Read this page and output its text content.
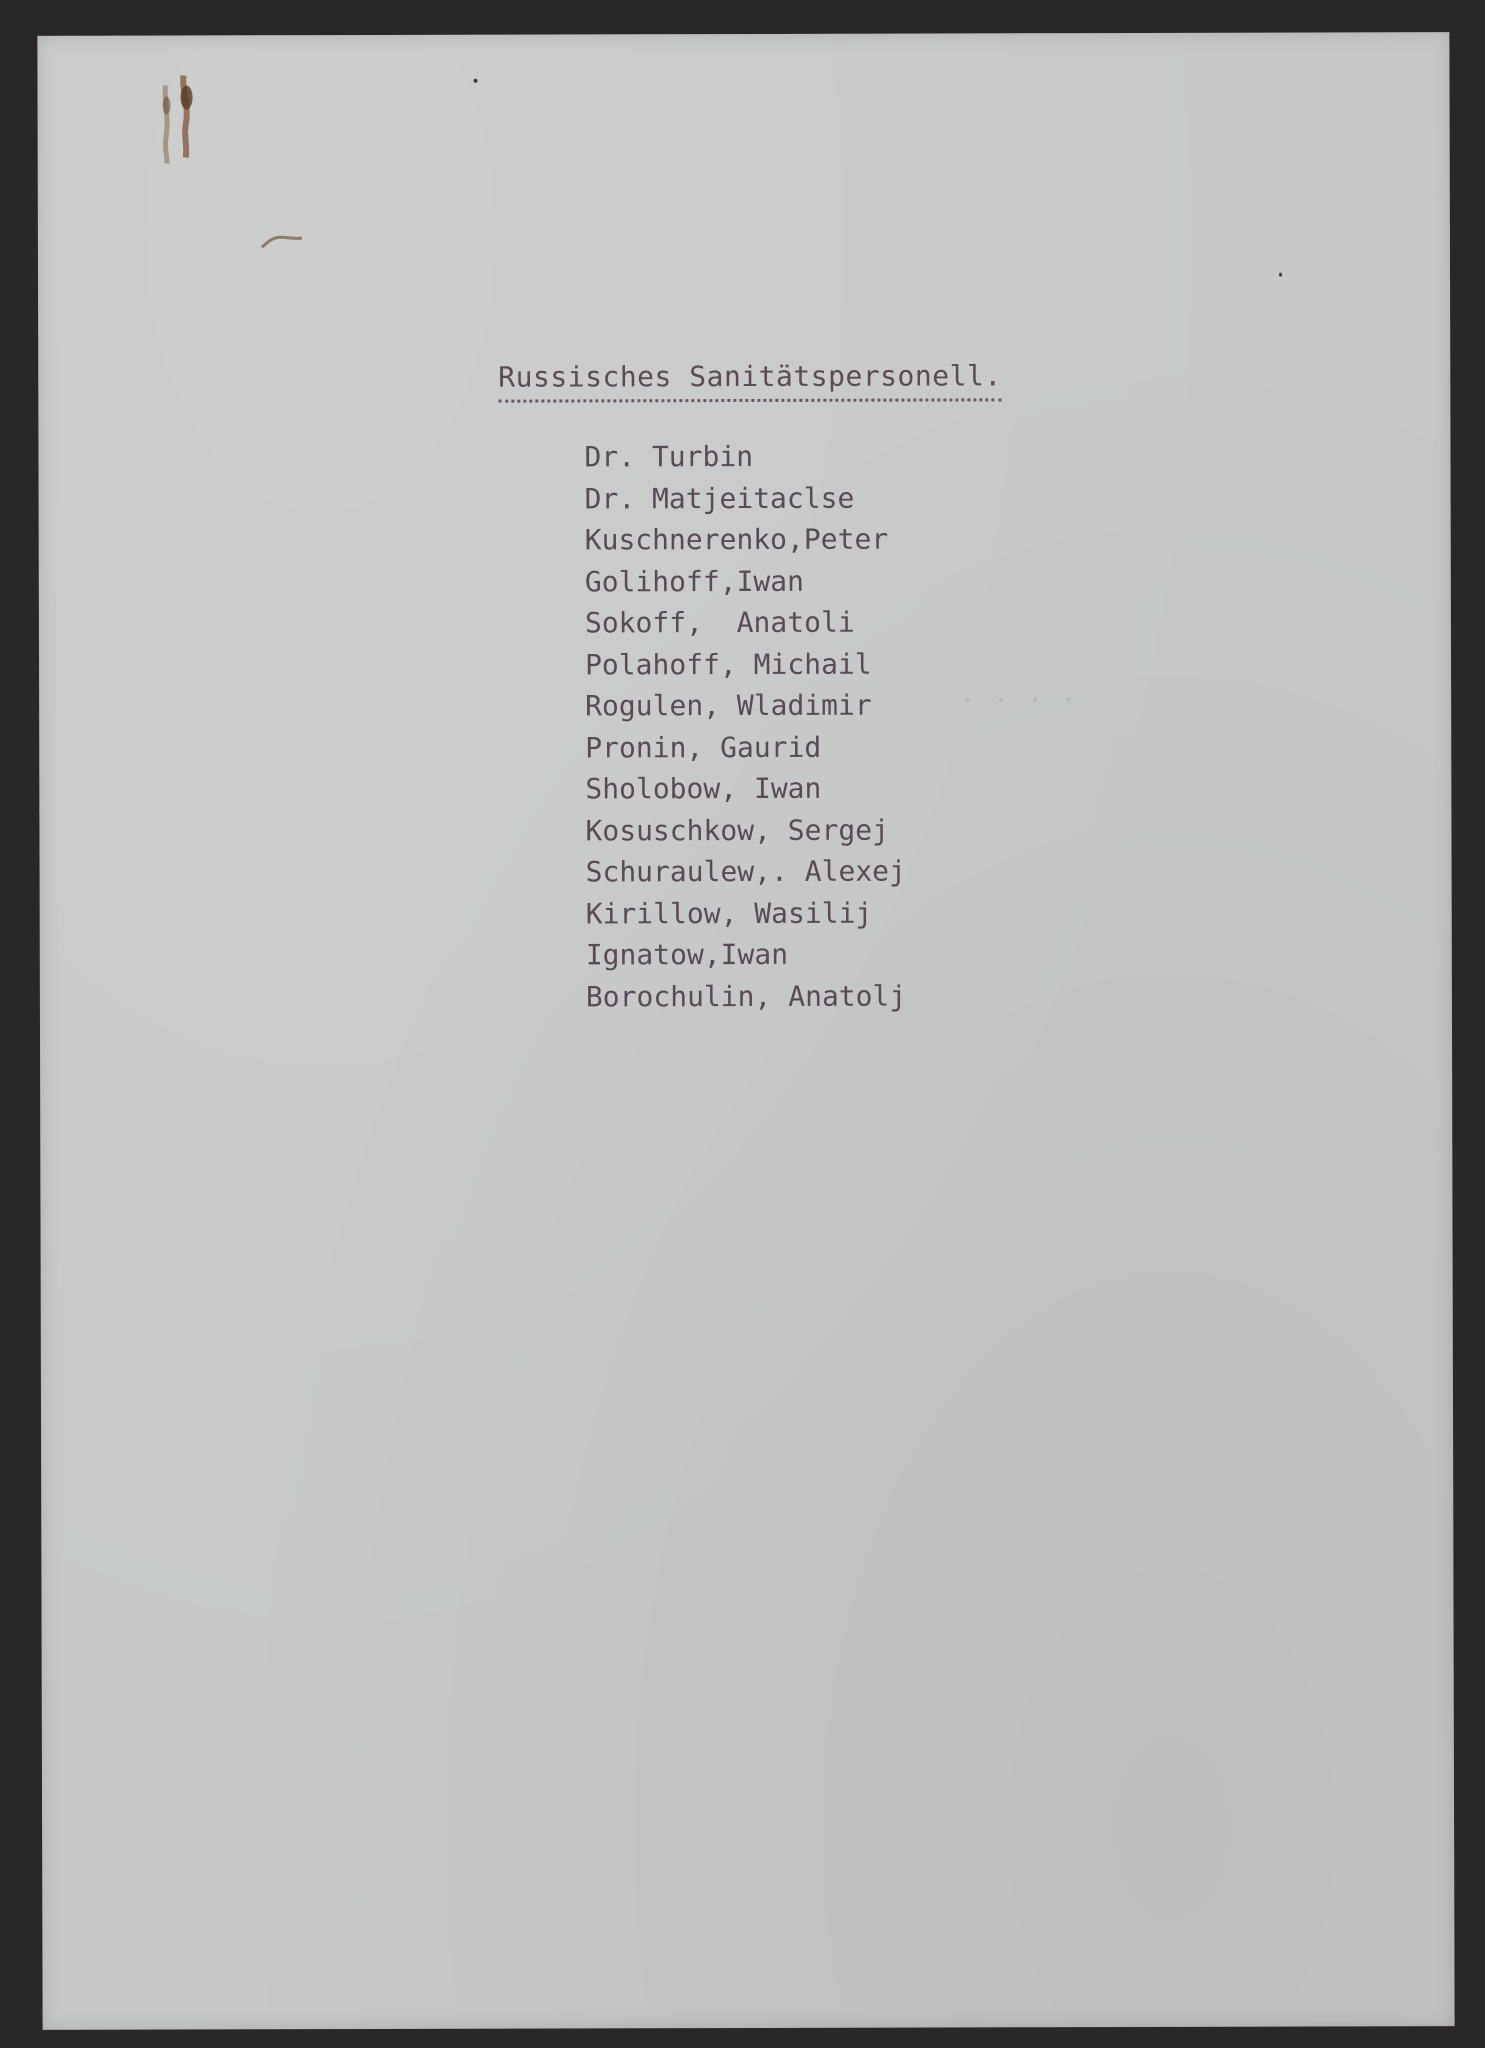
· · · ·
Russisches Sanitätspersonell.
Dr. Turbin
Dr. Matjeitaclse
Kuschnerenko,Peter
Golihoff,Iwan
Sokoff,  Anatoli
Polahoff, Michail
Rogulen, Wladimir
Pronin, Gaurid
Sholobow, Iwan
Kosuschkow, Sergej
Schuraulew,. Alexej
Kirillow, Wasilij
Ignatow,Iwan
Borochulin, Anatolj
